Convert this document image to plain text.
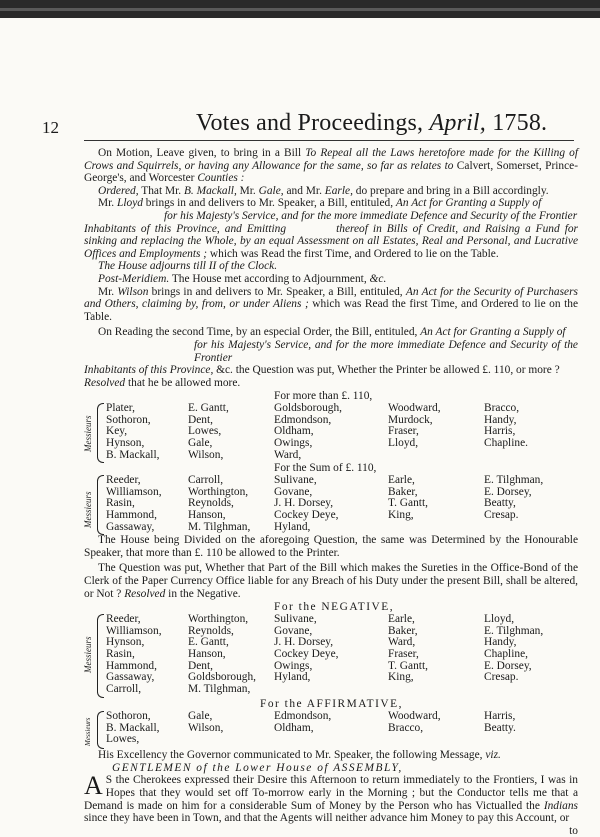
12	Votes and Proceedings, April, 1758.

On Motion, Leave given, to bring in a Bill To Repeal all the Laws heretofore made for the Killing of Crows and Squirrels, or having any Allowance for the same, so far as relates to Calvert, Somerset, Prince-George's, and Worcester Counties :

Ordered, That Mr. B. Mackall, Mr. Gale, and Mr. Earle, do prepare and bring in a Bill accordingly.

Mr. Lloyd brings in and delivers to Mr. Speaker, a Bill, entituled, An Act for Granting a Supply of

for his Majesty's Service, and for the more immediate Defence and Security of the Frontier

Inhabitants of this Province, and Emitting	thereof in Bills of Credit, and Raising a Fund for sinking and replacing the Whole, by an equal Assessment on all Estates, Real and Personal, and Lucrative Offices and Employments ; which was Read the first Time, and Ordered to lie on the Table.

The House adjourns till II of the Clock.

Post-Meridiem. The House met according to Adjournment, &c.

Mr. Wilson brings in and delivers to Mr. Speaker, a Bill, entituled, An Act for the Security of Purchasers and Others, claiming by, from, or under Aliens ; which was Read the first Time, and Ordered to lie on the Table.

On Reading the second Time, by an especial Order, the Bill, entituled, An Act for Granting a Supply of

for his Majesty's Service, and for the more immediate Defence and Security of the Frontier

Inhabitants of this Province, &c. the Question was put, Whether the Printer be allowed £. 110, or more ?

Resolved that he be allowed more.

For more than £. 110,
Messieurs
Plater,
Sothoron,
Key,
Hynson,
B. Mackall,
E. Gantt,
Dent,
Lowes,
Gale,
Wilson,
Goldsborough,
Edmondson,
Oldham,
Owings,
Ward,
Woodward,
Murdock,
Fraser,
Lloyd,
Bracco,
Handy,
Harris,
Chapline.
For the Sum of £. 110,
Messieurs
Reeder,
Williamson,
Rasin,
Hammond,
Gassaway,
Carroll,
Worthington,
Reynolds,
Hanson,
M. Tilghman,
Sulivane,
Govane,
J. H. Dorsey,
Cockey Deye,
Hyland,
Earle,
Baker,
T. Gantt,
King,
E. Tilghman,
E. Dorsey,
Beatty,
Cresap.

The House being Divided on the aforegoing Question, the same was Determined by the Honourable Speaker, that more than £. 110 be allowed to the Printer.

The Question was put, Whether that Part of the Bill which makes the Sureties in the Office-Bond of the Clerk of the Paper Currency Office liable for any Breach of his Duty under the present Bill, shall be altered, or Not ? Resolved in the Negative.

For the NEGATIVE,
Messieurs
Reeder,
Williamson,
Hynson,
Rasin,
Hammond,
Gassaway,
Carroll,
Worthington,
Reynolds,
E. Gantt,
Hanson,
Dent,
Goldsborough,
M. Tilghman,
Sulivane,
Govane,
J. H. Dorsey,
Cockey Deye,
Owings,
Hyland,
Earle,
Baker,
Ward,
Fraser,
T. Gantt,
King,
Lloyd,
E. Tilghman,
Handy,
Chapline,
E. Dorsey,
Cresap.
For the AFFIRMATIVE,
Messieurs
Sothoron,
B. Mackall,
Lowes,
Gale,
Wilson,
Edmondson,
Oldham,
Woodward,
Bracco,
Harris,
Beatty.

His Excellency the Governor communicated to Mr. Speaker, the following Message, viz.

GENTLEMEN of the Lower House of ASSEMBLY,

A S the Cherokees expressed their Desire this Afternoon to return immediately to the Frontiers, I was in Hopes that they would set off To-morrow early in the Morning ; but the Conductor tells me that a Demand is made on him for a considerable Sum of Money by the Person who has Victualled the Indians since they have been in Town, and that the Agents will neither advance him Money to pay this Account, or

to
